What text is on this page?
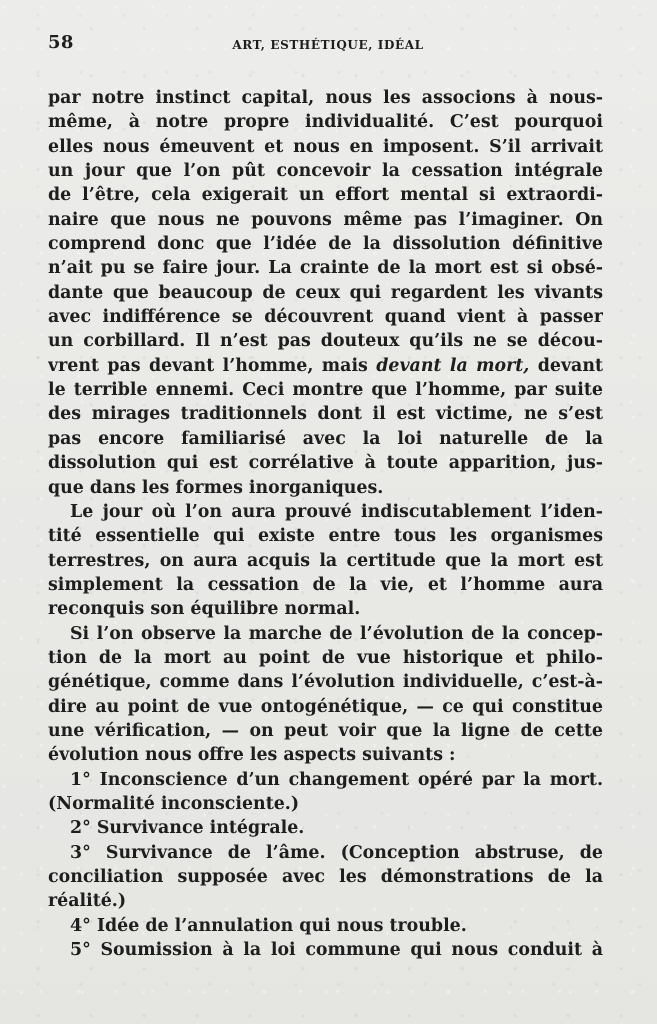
58	ART, ESTHÉTIQUE, IDÉAL
par notre instinct capital, nous les associons à nous-
même, à notre propre individualité. C’est pourquoi
elles nous émeuvent et nous en imposent. S’il arrivait
un jour que l’on pût concevoir la cessation intégrale
de l’être, cela exigerait un effort mental si extraordi-
naire que nous ne pouvons même pas l’imaginer. On
comprend donc que l’idée de la dissolution définitive
n’ait pu se faire jour. La crainte de la mort est si obsé-
dante que beaucoup de ceux qui regardent les vivants
avec indifférence se découvrent quand vient à passer
un corbillard. Il n’est pas douteux qu’ils ne se décou-
vrent pas devant l’homme, mais devant la mort, devant
le terrible ennemi. Ceci montre que l’homme, par suite
des mirages traditionnels dont il est victime, ne s’est
pas encore familiarisé avec la loi naturelle de la
dissolution qui est corrélative à toute apparition, jus-
que dans les formes inorganiques.
Le jour où l’on aura prouvé indiscutablement l’iden-
tité essentielle qui existe entre tous les organismes
terrestres, on aura acquis la certitude que la mort est
simplement la cessation de la vie, et l’homme aura
reconquis son équilibre normal.
Si l’on observe la marche de l’évolution de la concep-
tion de la mort au point de vue historique et philo-
génétique, comme dans l’évolution individuelle, c’est-à-
dire au point de vue ontogénétique, — ce qui constitue
une vérification, — on peut voir que la ligne de cette
évolution nous offre les aspects suivants :
1° Inconscience d’un changement opéré par la mort.
(Normalité inconsciente.)
2° Survivance intégrale.
3° Survivance de l’âme. (Conception abstruse, de
conciliation supposée avec les démonstrations de la
réalité.)
4° Idée de l’annulation qui nous trouble.
5° Soumission à la loi commune qui nous conduit à
